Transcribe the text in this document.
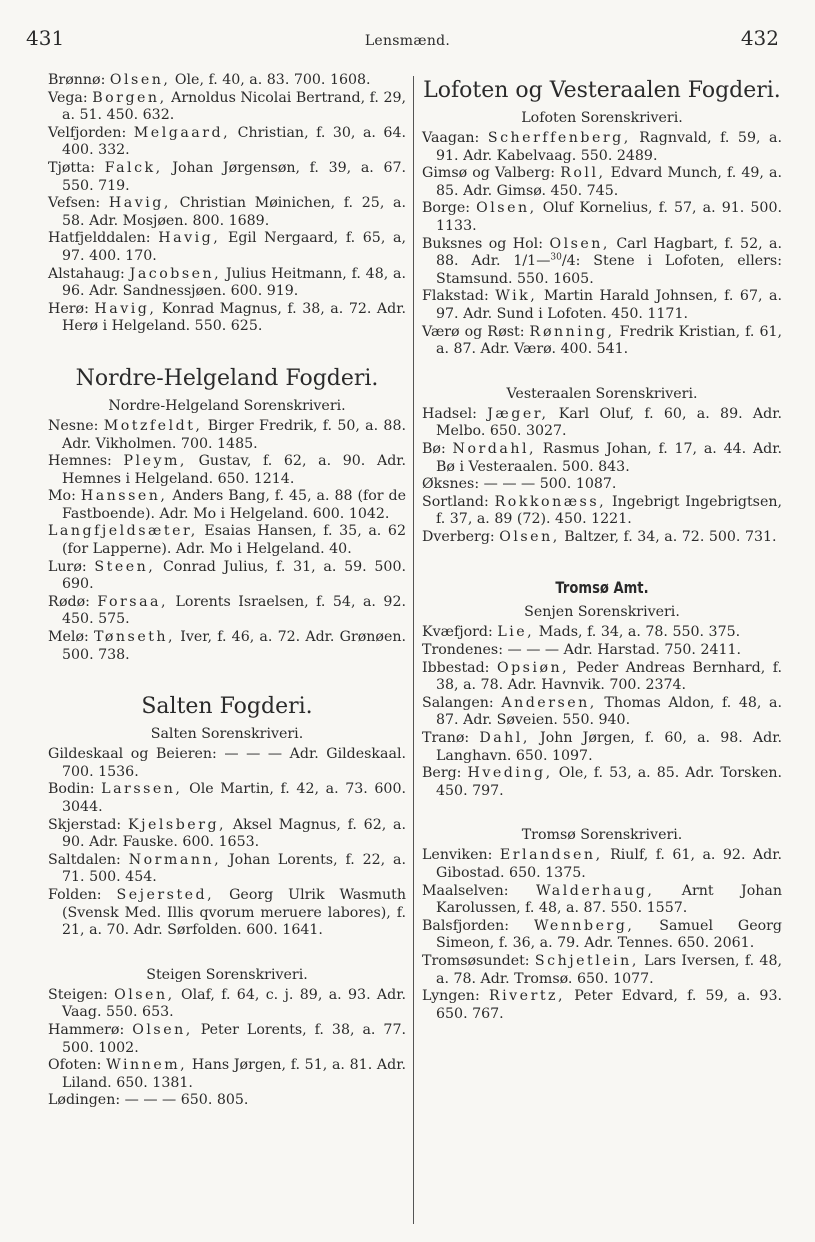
431	Lensmænd.	432
Brønnø: Olsen, Ole, f. 40, a. 83. 700. 1608.
Vega: Borgen, Arnoldus Nicolai Bertrand, f. 29, a. 51. 450. 632.
Velfjorden: Melgaard, Christian, f. 30, a. 64. 400. 332.
Tjøtta: Falck, Johan Jørgensøn, f. 39, a. 67. 550. 719.
Vefsen: Havig, Christian Møinichen, f. 25, a. 58. Adr. Mosjøen. 800. 1689.
Hatfjelddalen: Havig, Egil Nergaard, f. 65, a, 97. 400. 170.
Alstahaug: Jacobsen, Julius Heitmann, f. 48, a. 96. Adr. Sandnessjøen. 600. 919.
Herø: Havig, Konrad Magnus, f. 38, a. 72. Adr. Herø i Helgeland. 550. 625.
Nordre-Helgeland Fogderi.
Nordre-Helgeland Sorenskriveri.
Nesne: Motzfeldt, Birger Fredrik, f. 50, a. 88. Adr. Vikholmen. 700. 1485.
Hemnes: Pleym, Gustav, f. 62, a. 90. Adr. Hemnes i Helgeland. 650. 1214.
Mo: Hanssen, Anders Bang, f. 45, a. 88 (for de Fastboende). Adr. Mo i Helgeland. 600. 1042.
Langfjeldsæter, Esaias Hansen, f. 35, a. 62 (for Lapperne). Adr. Mo i Helgeland. 40.
Lurø: Steen, Conrad Julius, f. 31, a. 59. 500. 690.
Rødø: Forsaa, Lorents Israelsen, f. 54, a. 92. 450. 575.
Melø: Tønseth, Iver, f. 46, a. 72. Adr. Grønøen. 500. 738.
Salten Fogderi.
Salten Sorenskriveri.
Gildeskaal og Beieren: — — — Adr. Gildeskaal. 700. 1536.
Bodin: Larssen, Ole Martin, f. 42, a. 73. 600. 3044.
Skjerstad: Kjelsberg, Aksel Magnus, f. 62, a. 90. Adr. Fauske. 600. 1653.
Saltdalen: Normann, Johan Lorents, f. 22, a. 71. 500. 454.
Folden: Sejersted, Georg Ulrik Wasmuth (Svensk Med. Illis qvorum meruere labores), f. 21, a. 70. Adr. Sørfolden. 600. 1641.
Steigen Sorenskriveri.
Steigen: Olsen, Olaf, f. 64, c. j. 89, a. 93. Adr. Vaag. 550. 653.
Hammerø: Olsen, Peter Lorents, f. 38, a. 77. 500. 1002.
Ofoten: Winnem, Hans Jørgen, f. 51, a. 81. Adr. Liland. 650. 1381.
Lødingen: — — — 650. 805.
Lofoten og Vesteraalen Fogderi.
Lofoten Sorenskriveri.
Vaagan: Scherffenberg, Ragnvald, f. 59, a. 91. Adr. Kabelvaag. 550. 2489.
Gimsø og Valberg: Roll, Edvard Munch, f. 49, a. 85. Adr. Gimsø. 450. 745.
Borge: Olsen, Oluf Kornelius, f. 57, a. 91. 500. 1133.
Buksnes og Hol: Olsen, Carl Hagbart, f. 52, a. 88. Adr. 1/1—$^{30}$/4: Stene i Lofoten, ellers: Stamsund. 550. 1605.
Flakstad: Wik, Martin Harald Johnsen, f. 67, a. 97. Adr. Sund i Lofoten. 450. 1171.
Værø og Røst: Rønning, Fredrik Kristian, f. 61, a. 87. Adr. Værø. 400. 541.
Vesteraalen Sorenskriveri.
Hadsel: Jæger, Karl Oluf, f. 60, a. 89. Adr. Melbo. 650. 3027.
Bø: Nordahl, Rasmus Johan, f. 17, a. 44. Adr. Bø i Vesteraalen. 500. 843.
Øksnes: — — — 500. 1087.
Sortland: Rokkonæss, Ingebrigt Ingebrigtsen, f. 37, a. 89 (72). 450. 1221.
Dverberg: Olsen, Baltzer, f. 34, a. 72. 500. 731.
Tromsø Amt.
Senjen Sorenskriveri.
Kvæfjord: Lie, Mads, f. 34, a. 78. 550. 375.
Trondenes: — — — Adr. Harstad. 750. 2411.
Ibbestad: Opsiøn, Peder Andreas Bernhard, f. 38, a. 78. Adr. Havnvik. 700. 2374.
Salangen: Andersen, Thomas Aldon, f. 48, a. 87. Adr. Søveien. 550. 940.
Tranø: Dahl, John Jørgen, f. 60, a. 98. Adr. Langhavn. 650. 1097.
Berg: Hveding, Ole, f. 53, a. 85. Adr. Torsken. 450. 797.
Tromsø Sorenskriveri.
Lenviken: Erlandsen, Riulf, f. 61, a. 92. Adr. Gibostad. 650. 1375.
Maalselven: Walderhaug, Arnt Johan Karolussen, f. 48, a. 87. 550. 1557.
Balsfjorden: Wennberg, Samuel Georg Simeon, f. 36, a. 79. Adr. Tennes. 650. 2061.
Tromsøsundet: Schjetlein, Lars Iversen, f. 48, a. 78. Adr. Tromsø. 650. 1077.
Lyngen: Rivertz, Peter Edvard, f. 59, a. 93. 650. 767.
